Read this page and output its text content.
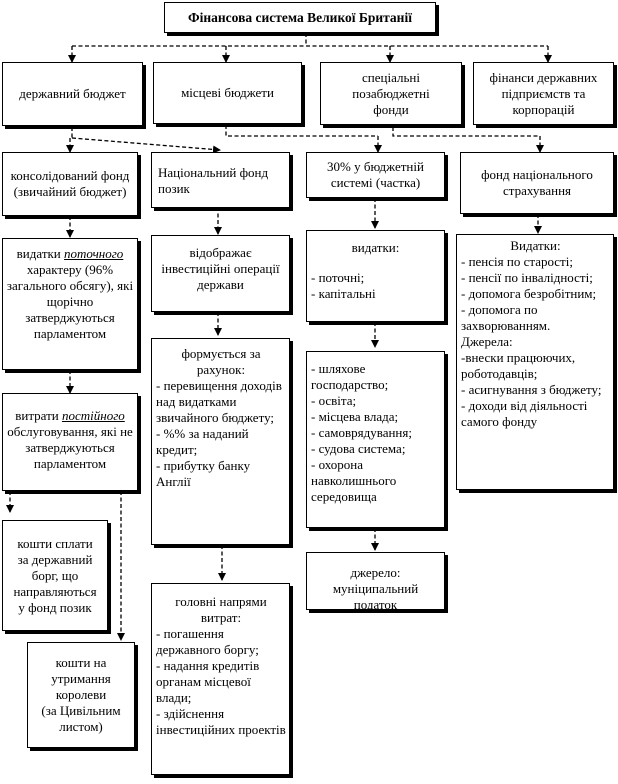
Фінансова система Великої Британії
державний бюджет	місцеві бюджети
спеціальні позабюджетні фонди
фінанси державних підприємств та корпорацій
консолідований фонд (звичайний бюджет)
видатки поточного характеру (96% загального обсягу), які щорічно затверджуються парламентом
витрати постійного обслуговування, які не затверджуються парламентом
кошти сплати за державний борг, що направляються у фонд позик
кошти на утримання королеви
(за Цивільним листом)
Національний фонд позик
відображає інвестиційні операції держави
формується за рахунок:
- перевищення доходів над видатками звичайного бюджету;
- %% за наданий кредит;
- прибутку банку Англії
головні напрями витрат:
- погашення державного боргу;
- надання кредитів органам місцевої влади;
- здійснення інвестиційних проектів
30% у бюджетній системі (частка)
видатки:
- поточні;
- капітальні
- шляхове господарство;
- освіта;
- місцева влада;
- самоврядування;
- судова система;
- охорона навколишнього середовища
джерело: муніципальний податок
фонд національного страхування
Видатки:
- пенсія по старості;
- пенсії по інвалідності;
- допомога безробітним;
- допомога по захворюванням.
Джерела:
-внески працюючих, роботодавців;
- асигнування з бюджету;
- доходи від діяльності самого фонду
